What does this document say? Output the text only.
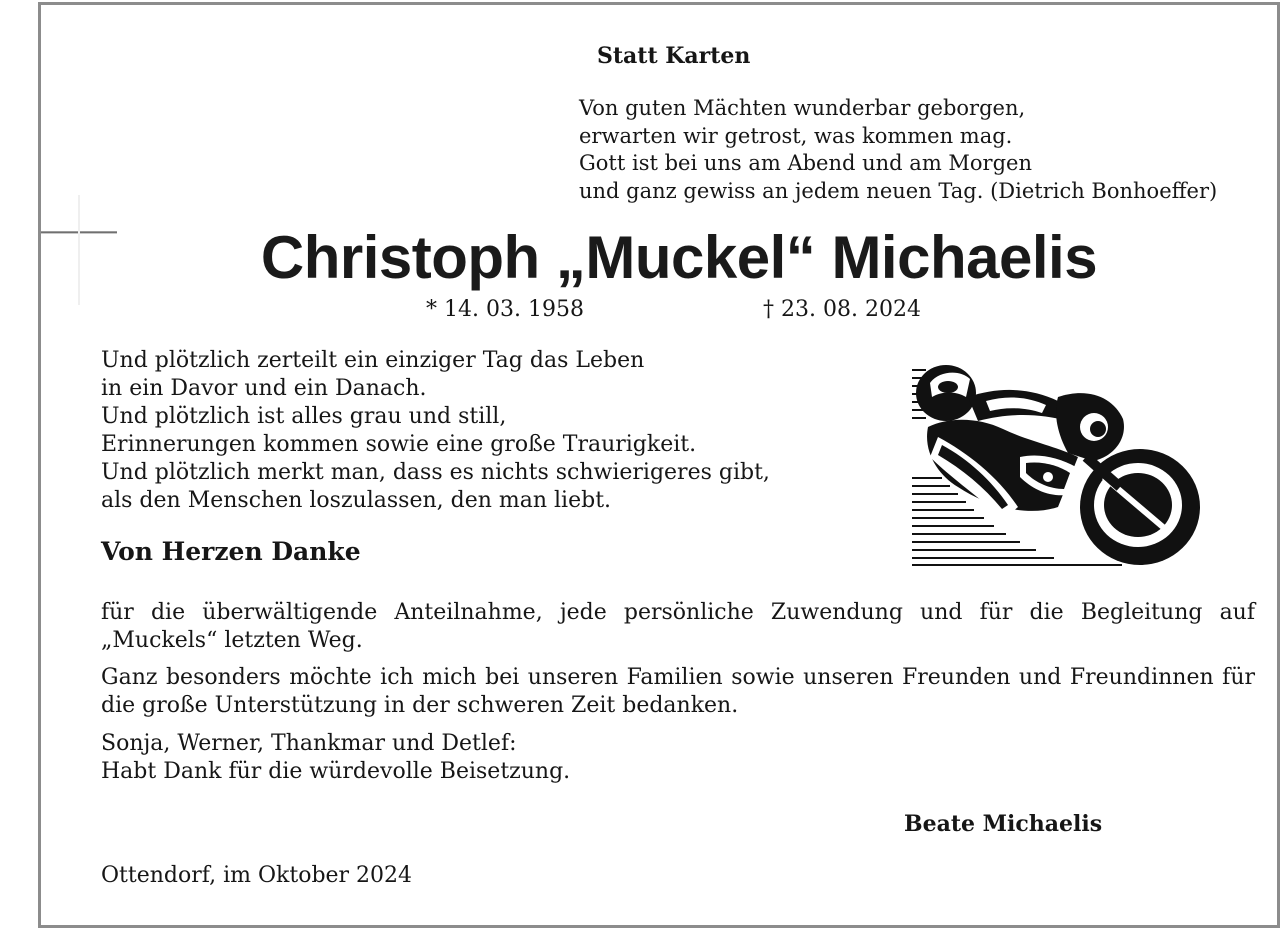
Statt Karten
Von guten Mächten wunderbar geborgen,
erwarten wir getrost, was kommen mag.
Gott ist bei uns am Abend und am Morgen
und ganz gewiss an jedem neuen Tag. (Dietrich Bonhoeffer)
Christoph „Muckel“ Michaelis
* 14. 03. 1958	† 23. 08. 2024
Und plötzlich zerteilt ein einziger Tag das Leben
in ein Davor und ein Danach.
Und plötzlich ist alles grau und still,
Erinnerungen kommen sowie eine große Traurigkeit.
Und plötzlich merkt man, dass es nichts schwierigeres gibt,
als den Menschen loszulassen, den man liebt.
Von Herzen Danke
für die überwältigende Anteilnahme, jede persönliche Zuwendung und für die Begleitung auf „Muckels“ letzten Weg.
Ganz besonders möchte ich mich bei unseren Familien sowie unseren Freunden und Freundinnen für die große Unterstützung in der schweren Zeit bedanken.
Sonja, Werner, Thankmar und Detlef:
Habt Dank für die würdevolle Beisetzung.
Beate Michaelis
Ottendorf, im Oktober 2024
